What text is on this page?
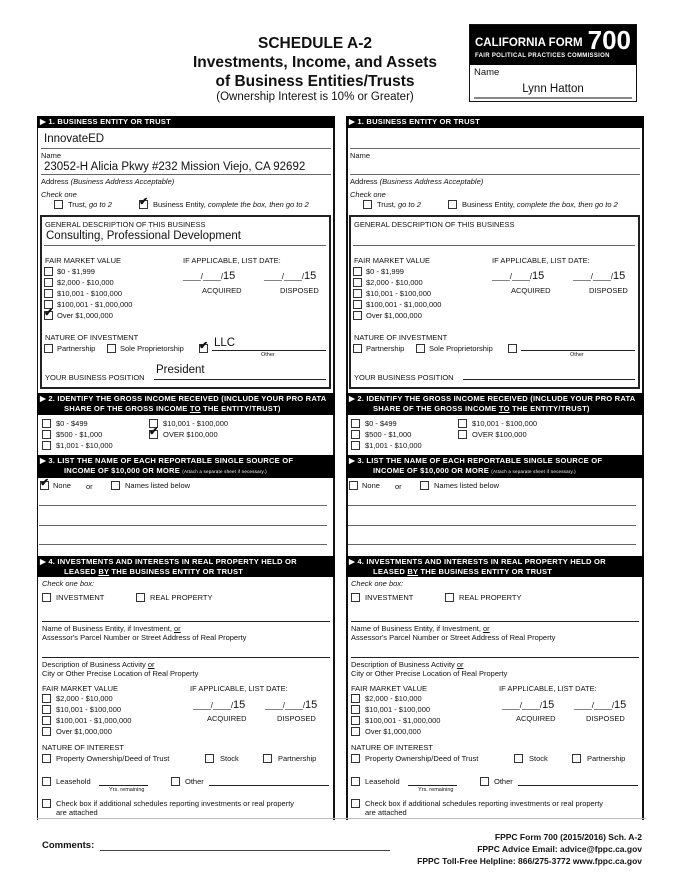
SCHEDULE A-2
Investments, Income, and Assets
of Business Entities/Trusts
(Ownership Interest is 10% or Greater)
CALIFORNIA FORM 700
FAIR POLITICAL PRACTICES COMMISSION
Name
Lynn Hatton
▶ 1. BUSINESS ENTITY OR TRUST
InnovateED
Name
23052-H Alicia Pkwy #232 Mission Viejo, CA 92692
Address (Business Address Acceptable)
Check one
Trust, go to 2 ✔ Business Entity, complete the box, then go to 2
GENERAL DESCRIPTION OF THIS BUSINESS
Consulting, Professional Development
FAIR MARKET VALUE
$0 - $1,999
$2,000 - $10,000
$10,001 - $100,000
$100,001 - $1,000,000
✔ Over $1,000,000
IF APPLICABLE, LIST DATE:
____/____/15
ACQUIRED
____/____/15
DISPOSED
NATURE OF INVESTMENT
Partnership	Sole Proprietorship ✔ LLC
Other
YOUR BUSINESS POSITION
President
▶ 2. IDENTIFY THE GROSS INCOME RECEIVED (INCLUDE YOUR PRO RATA
SHARE OF THE GROSS INCOME TO THE ENTITY/TRUST)
$0 - $499
$500 - $1,000
$1,001 - $10,000
$10,001 - $100,000
✔ OVER $100,000
▶ 3. LIST THE NAME OF EACH REPORTABLE SINGLE SOURCE OF
INCOME OF $10,000 OR MORE (Attach a separate sheet if necessary.)
✔ None or	Names listed below
▶ 4. INVESTMENTS AND INTERESTS IN REAL PROPERTY HELD OR
LEASED BY THE BUSINESS ENTITY OR TRUST
Check one box:
INVESTMENT	REAL PROPERTY
Name of Business Entity, if Investment, or
Assessor's Parcel Number or Street Address of Real Property
Description of Business Activity or
City or Other Precise Location of Real Property
FAIR MARKET VALUE
$2,000 - $10,000
$10,001 - $100,000
$100,001 - $1,000,000
Over $1,000,000
IF APPLICABLE, LIST DATE:
____/____/15
ACQUIRED
____/____/15
DISPOSED
NATURE OF INTEREST
Property Ownership/Deed of Trust	Stock	Partnership
Leasehold
Yrs. remaining
Other
Check box if additional schedules reporting investments or real property
are attached
▶ 1. BUSINESS ENTITY OR TRUST
Name
Address (Business Address Acceptable)
Check one
Trust, go to 2	Business Entity, complete the box, then go to 2
GENERAL DESCRIPTION OF THIS BUSINESS
FAIR MARKET VALUE
$0 - $1,999
$2,000 - $10,000
$10,001 - $100,000
$100,001 - $1,000,000
Over $1,000,000
IF APPLICABLE, LIST DATE:
____/____/15
ACQUIRED
____/____/15
DISPOSED
NATURE OF INVESTMENT
Partnership	Sole Proprietorship
Other
YOUR BUSINESS POSITION
▶ 2. IDENTIFY THE GROSS INCOME RECEIVED (INCLUDE YOUR PRO RATA
SHARE OF THE GROSS INCOME TO THE ENTITY/TRUST)
$0 - $499
$500 - $1,000
$1,001 - $10,000
$10,001 - $100,000
OVER $100,000
▶ 3. LIST THE NAME OF EACH REPORTABLE SINGLE SOURCE OF
INCOME OF $10,000 OR MORE (Attach a separate sheet if necessary.)
None or	Names listed below
▶ 4. INVESTMENTS AND INTERESTS IN REAL PROPERTY HELD OR
LEASED BY THE BUSINESS ENTITY OR TRUST
Check one box:
INVESTMENT	REAL PROPERTY
Name of Business Entity, if Investment, or
Assessor's Parcel Number or Street Address of Real Property
Description of Business Activity or
City or Other Precise Location of Real Property
FAIR MARKET VALUE
$2,000 - $10,000
$10,001 - $100,000
$100,001 - $1,000,000
Over $1,000,000
IF APPLICABLE, LIST DATE:
____/____/15
ACQUIRED
____/____/15
DISPOSED
NATURE OF INTEREST
Property Ownership/Deed of Trust	Stock	Partnership
Leasehold
Yrs. remaining
Other
Check box if additional schedules reporting investments or real property
are attached
Comments:
FPPC Form 700 (2015/2016) Sch. A-2
FPPC Advice Email: advice@fppc.ca.gov
FPPC Toll-Free Helpline: 866/275-3772 www.fppc.ca.gov
